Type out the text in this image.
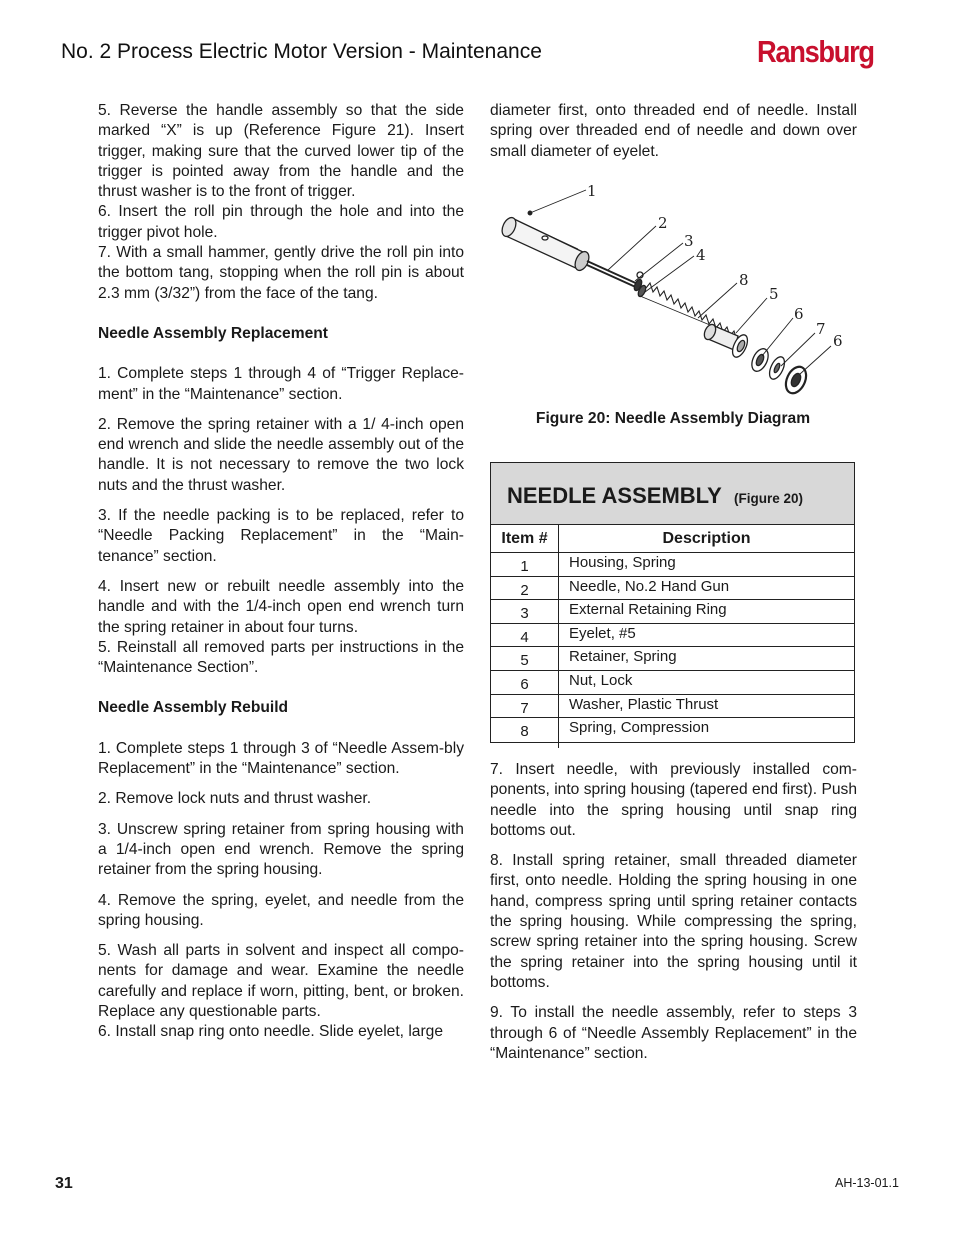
No. 2 Process Electric Motor Version - Maintenance	Ransburg

5. Reverse the handle assembly so that the side marked “X” is up (Reference Figure 21). Insert trigger, making sure that the curved lower tip of the trigger is pointed away from the handle and the thrust washer is to the front of trigger.

6. Insert the roll pin through the hole and into the trigger pivot hole.

7. With a small hammer, gently drive the roll pin into the bottom tang, stopping when the roll pin is about 2.3 mm (3/32”) from the face of the tang.

Needle Assembly Replacement

1. Complete steps 1 through 4 of “Trigger Replace-ment” in the “Maintenance” section.

2. Remove the spring retainer with a 1/ 4-inch open end wrench and slide the needle assembly out of the handle. It is not necessary to remove the two lock nuts and the thrust washer.

3. If the needle packing is to be replaced, refer to “Needle Packing Replacement” in the “Main-tenance” section.

4. Insert new or rebuilt needle assembly into the handle and with the 1/4-inch open end wrench turn the spring retainer in about four turns.

5. Reinstall all removed parts per instructions in the “Maintenance Section”.

Needle Assembly Rebuild

1. Complete steps 1 through 3 of “Needle Assem-bly Replacement” in the “Maintenance” section.

2. Remove lock nuts and thrust washer.

3. Unscrew spring retainer from spring housing with a 1/4-inch open end wrench. Remove the spring retainer from the spring housing.

4. Remove the spring, eyelet, and needle from the spring housing.

5. Wash all parts in solvent and inspect all compo-nents for damage and wear. Examine the needle carefully and replace if worn, pitting, bent, or broken. Replace any questionable parts.

6. Install snap ring onto needle. Slide eyelet, large

diameter first, onto threaded end of needle. Install spring over threaded end of needle and down over small diameter of eyelet.

1
2
3
4
8
5
6
7
6
Figure 20: Needle Assembly Diagram
NEEDLE ASSEMBLY (Figure 20)
Item #	Description
1	Housing, Spring
2	Needle, No.2 Hand Gun
3	External Retaining Ring
4	Eyelet, #5
5	Retainer, Spring
6	Nut, Lock
7	Washer, Plastic Thrust
8	Spring, Compression

7. Insert needle, with previously installed com-ponents, into spring housing (tapered end first). Push needle into the spring housing until snap ring bottoms out.

8. Install spring retainer, small threaded diameter first, onto needle. Holding the spring housing in one hand, compress spring until spring retainer contacts the spring housing. While compressing the spring, screw spring retainer into the spring housing. Screw the spring retainer into the spring housing until it bottoms.

9. To install the needle assembly, refer to steps 3 through 6 of “Needle Assembly Replacement” in the “Maintenance” section.

31	AH-13-01.1
